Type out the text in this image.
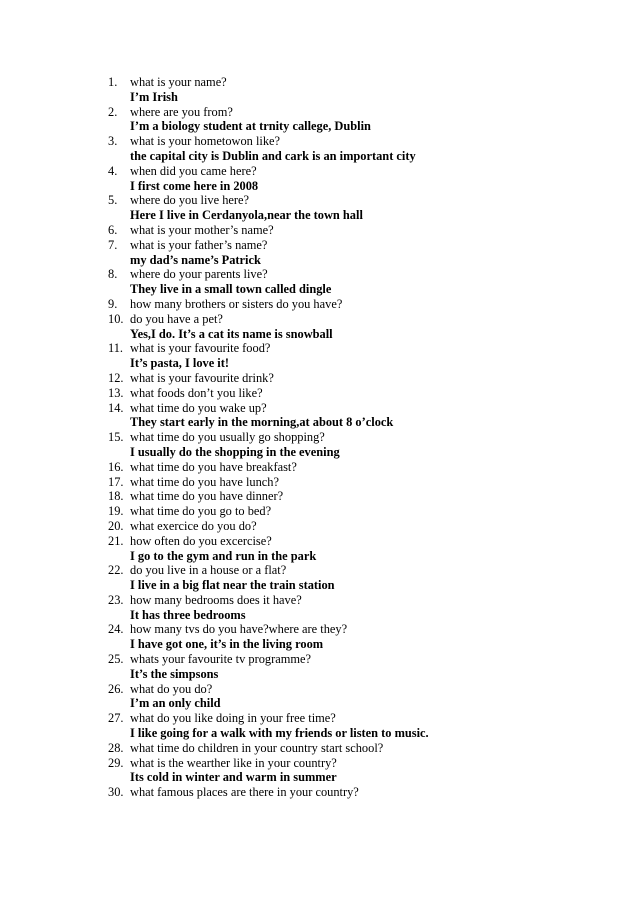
1.	what is your name?
I’m Irish
2.	where are you from?
I’m a biology student at trnity callege, Dublin
3.	what is your hometowon like?
the capital city is Dublin and cark is an important city
4.	when did you came here?
I first come here in 2008
5.	where do you live here?
Here I live in Cerdanyola,near the town hall
6.	what is your mother’s name?
7.	what is your father’s name?
my dad’s name’s Patrick
8.	where do your parents live?
They live in a small town called dingle
9.	how many brothers or sisters do you have?
10. do you have a pet?
Yes,I do. It’s a cat its name is snowball
11. what is your favourite food?
It’s pasta, I love it!
12. what is your favourite drink?
13. what foods don’t you like?
14. what time do you wake up?
They start early in the morning,at about 8 o’clock
15. what time do you usually go shopping?
I usually do the shopping in the evening
16. what time do you have breakfast?
17. what time do you have lunch?
18. what time do you have dinner?
19. what time do you go to bed?
20. what exercice do you do?
21. how often do you excercise?
I go to the gym and run in the park
22. do you live in a house or a flat?
I live in a big flat near the train station
23. how many bedrooms does it have?
It has three bedrooms
24. how many tvs do you have?where are they?
I have got one, it’s in the living room
25. whats your favourite tv programme?
It’s the simpsons
26. what do you do?
I’m an only child
27. what do you like doing in your free time?
I like going for a walk with my friends or listen to music.
28. what time do children in your country start school?
29. what is the wearther like in your country?
Its cold in winter and warm in summer
30. what famous places are there in your country?
